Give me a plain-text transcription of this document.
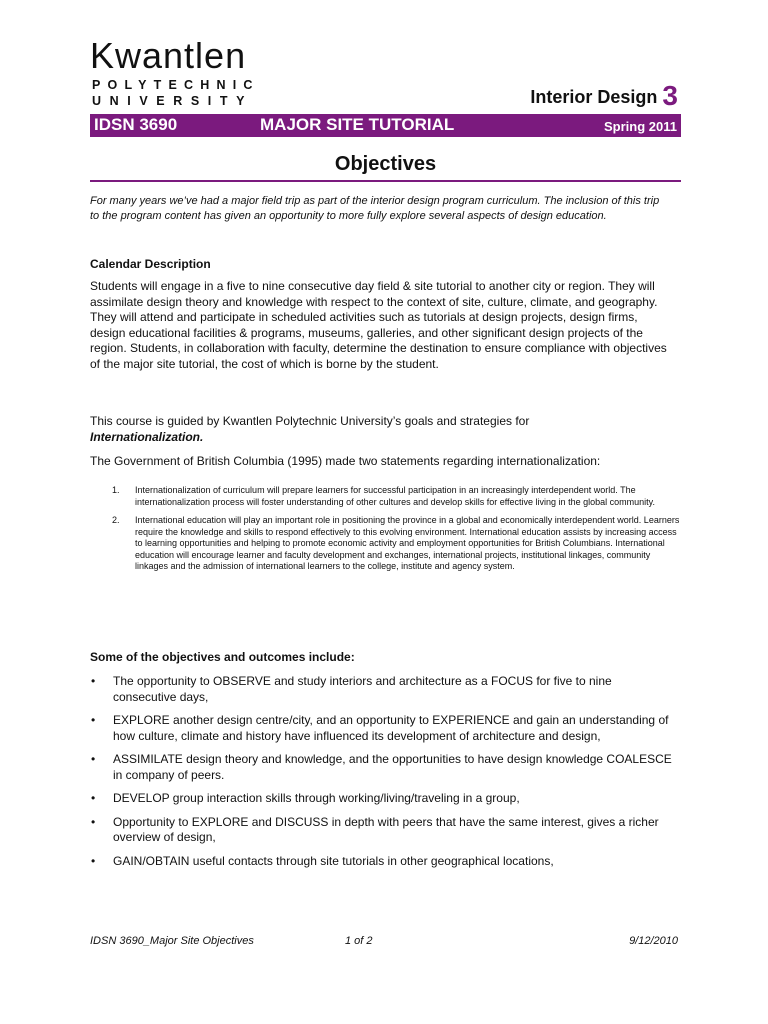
Kwantlen
POLYTECHNIC
UNIVERSITY	Interior Design 3
IDSN 3690	MAJOR SITE TUTORIAL	Spring 2011
Objectives
For many years we’ve had a major field trip as part of the interior design program curriculum. The inclusion of this trip to the program content has given an opportunity to more fully explore several aspects of design education.
Calendar Description
Students will engage in a five to nine consecutive day field & site tutorial to another city or region. They will assimilate design theory and knowledge with respect to the context of site, culture, climate, and geography. They will attend and participate in scheduled activities such as tutorials at design projects, design firms, design educational facilities & programs, museums, galleries, and other significant design projects of the region. Students, in collaboration with faculty, determine the destination to ensure compliance with objectives of the major site tutorial, the cost of which is borne by the student.
This course is guided by Kwantlen Polytechnic University’s goals and strategies for
Internationalization.
The Government of British Columbia (1995) made two statements regarding internationalization:
1. Internationalization of curriculum will prepare learners for successful participation in an increasingly interdependent world. The internationalization process will foster understanding of other cultures and develop skills for effective living in the global community.
2. International education will play an important role in positioning the province in a global and economically interdependent world. Learners require the knowledge and skills to respond effectively to this evolving environment. International education assists by increasing access to learning opportunities and helping to promote economic activity and employment opportunities for British Columbians. International education will encourage learner and faculty development and exchanges, international projects, institutional linkages, community linkages and the admission of international learners to the college, institute and agency system.
Some of the objectives and outcomes include:
• The opportunity to OBSERVE and study interiors and architecture as a FOCUS for five to nine consecutive days,
• EXPLORE another design centre/city, and an opportunity to EXPERIENCE and gain an understanding of how culture, climate and history have influenced its development of architecture and design,
• ASSIMILATE design theory and knowledge, and the opportunities to have design knowledge COALESCE in company of peers.
• DEVELOP group interaction skills through working/living/traveling in a group,
• Opportunity to EXPLORE and DISCUSS in depth with peers that have the same interest, gives a richer overview of design,
• GAIN/OBTAIN useful contacts through site tutorials in other geographical locations,
IDSN 3690_Major Site Objectives	1 of 2	9/12/2010
